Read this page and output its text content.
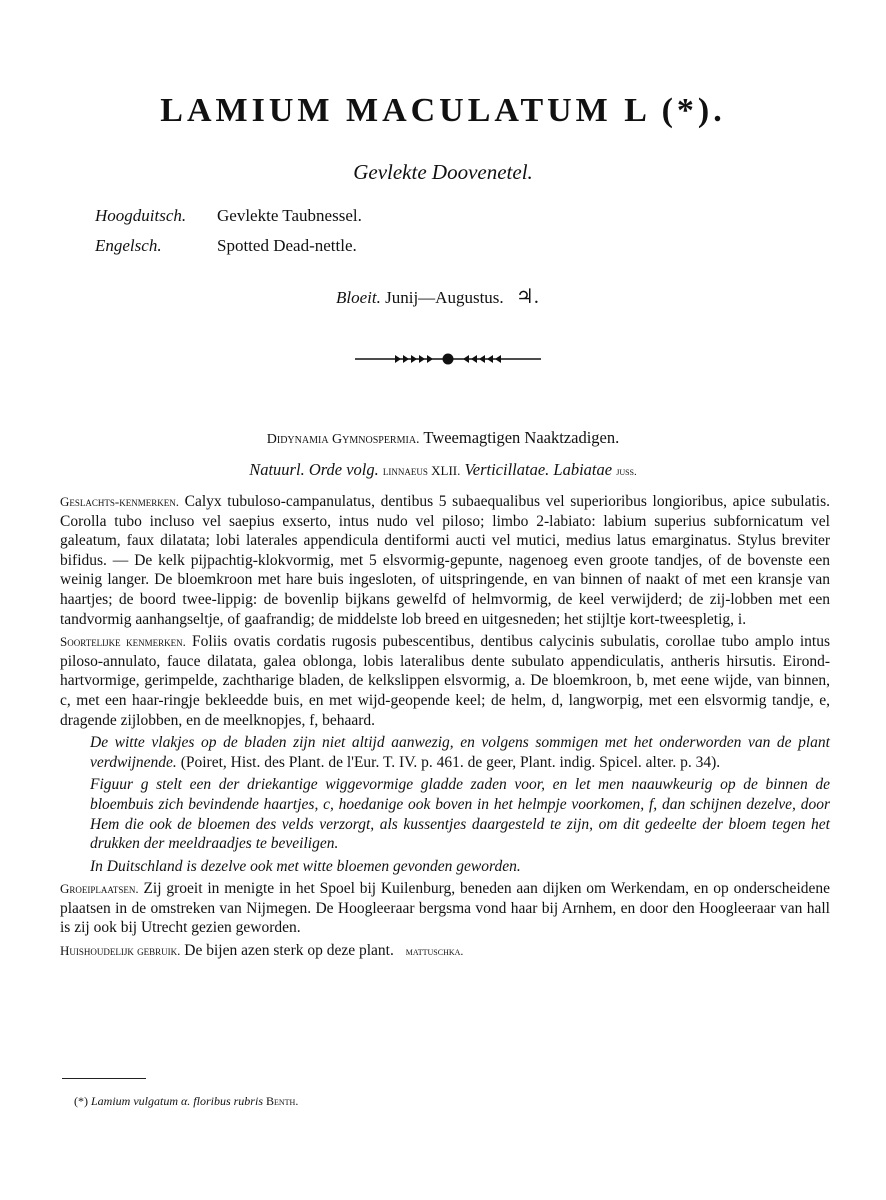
LAMIUM MACULATUM L (*).
Gevlekte Doovenetel.
Hoogduitsch. Gevlekte Taubnessel.
Engelsch.	Spotted Dead-nettle.
Bloeit. Junij—Augustus. ♃.
Didynamia Gymnospermia. Tweemagtigen Naaktzadigen.
Natuurl. Orde volg. linnaeus XLII. Verticillatae. Labiatae juss.

Geslachts-kenmerken. Calyx tubuloso-campanulatus, dentibus 5 subaequalibus vel superioribus longioribus, apice subulatis. Corolla tubo incluso vel saepius exserto, intus nudo vel piloso; limbo 2-labiato: labium superius subfornicatum vel galeatum, faux dilatata; lobi laterales appendicula dentiformi aucti vel mutici, medius latus emarginatus. Stylus breviter bifidus. — De kelk pijpachtig-klokvormig, met 5 elsvormig-gepunte, nagenoeg even groote tandjes, of de bovenste een weinig langer. De bloemkroon met hare buis ingesloten, of uitspringende, en van binnen of naakt of met een kransje van haartjes; de boord twee-lippig: de bovenlip bijkans gewelfd of helmvormig, de keel verwijderd; de zij-lobben met een tandvormig aanhangseltje, of gaafrandig; de middelste lob breed en uitgesneden; het stijltje kort-tweespletig, i.

Soortelijke kenmerken. Foliis ovatis cordatis rugosis pubescentibus, dentibus calycinis subulatis, corollae tubo amplo intus piloso-annulato, fauce dilatata, galea oblonga, lobis lateralibus dente subulato appendiculatis, antheris hirsutis. Eirond-hartvormige, gerimpelde, zachtharige bladen, de kelkslippen elsvormig, a. De bloemkroon, b, met eene wijde, van binnen, c, met een haar-ringje bekleedde buis, en met wijd-geopende keel; de helm, d, langworpig, met een elsvormig tandje, e, dragende zijlobben, en de meelknopjes, f, behaard.

De witte vlakjes op de bladen zijn niet altijd aanwezig, en volgens sommigen met het onderworden van de plant verdwijnende. (Poiret, Hist. des Plant. de l'Eur. T. IV. p. 461. de geer, Plant. indig. Spicel. alter. p. 34).

Figuur g stelt een der driekantige wiggevormige gladde zaden voor, en let men naauwkeurig op de binnen de bloembuis zich bevindende haartjes, c, hoedanige ook boven in het helmpje voorkomen, f, dan schijnen dezelve, door Hem die ook de bloemen des velds verzorgt, als kussentjes daargesteld te zijn, om dit gedeelte der bloem tegen het drukken der meeldraadjes te beveiligen.

In Duitschland is dezelve ook met witte bloemen gevonden geworden.

Groeiplaatsen. Zij groeit in menigte in het Spoel bij Kuilenburg, beneden aan dijken om Werkendam, en op onderscheidene plaatsen in de omstreken van Nijmegen. De Hoogleeraar bergsma vond haar bij Arnhem, en door den Hoogleeraar van hall is zij ook bij Utrecht gezien geworden.

Huishoudelijk gebruik. De bijen azen sterk op deze plant. mattuschka.

(*) Lamium vulgatum α. floribus rubris Benth.
